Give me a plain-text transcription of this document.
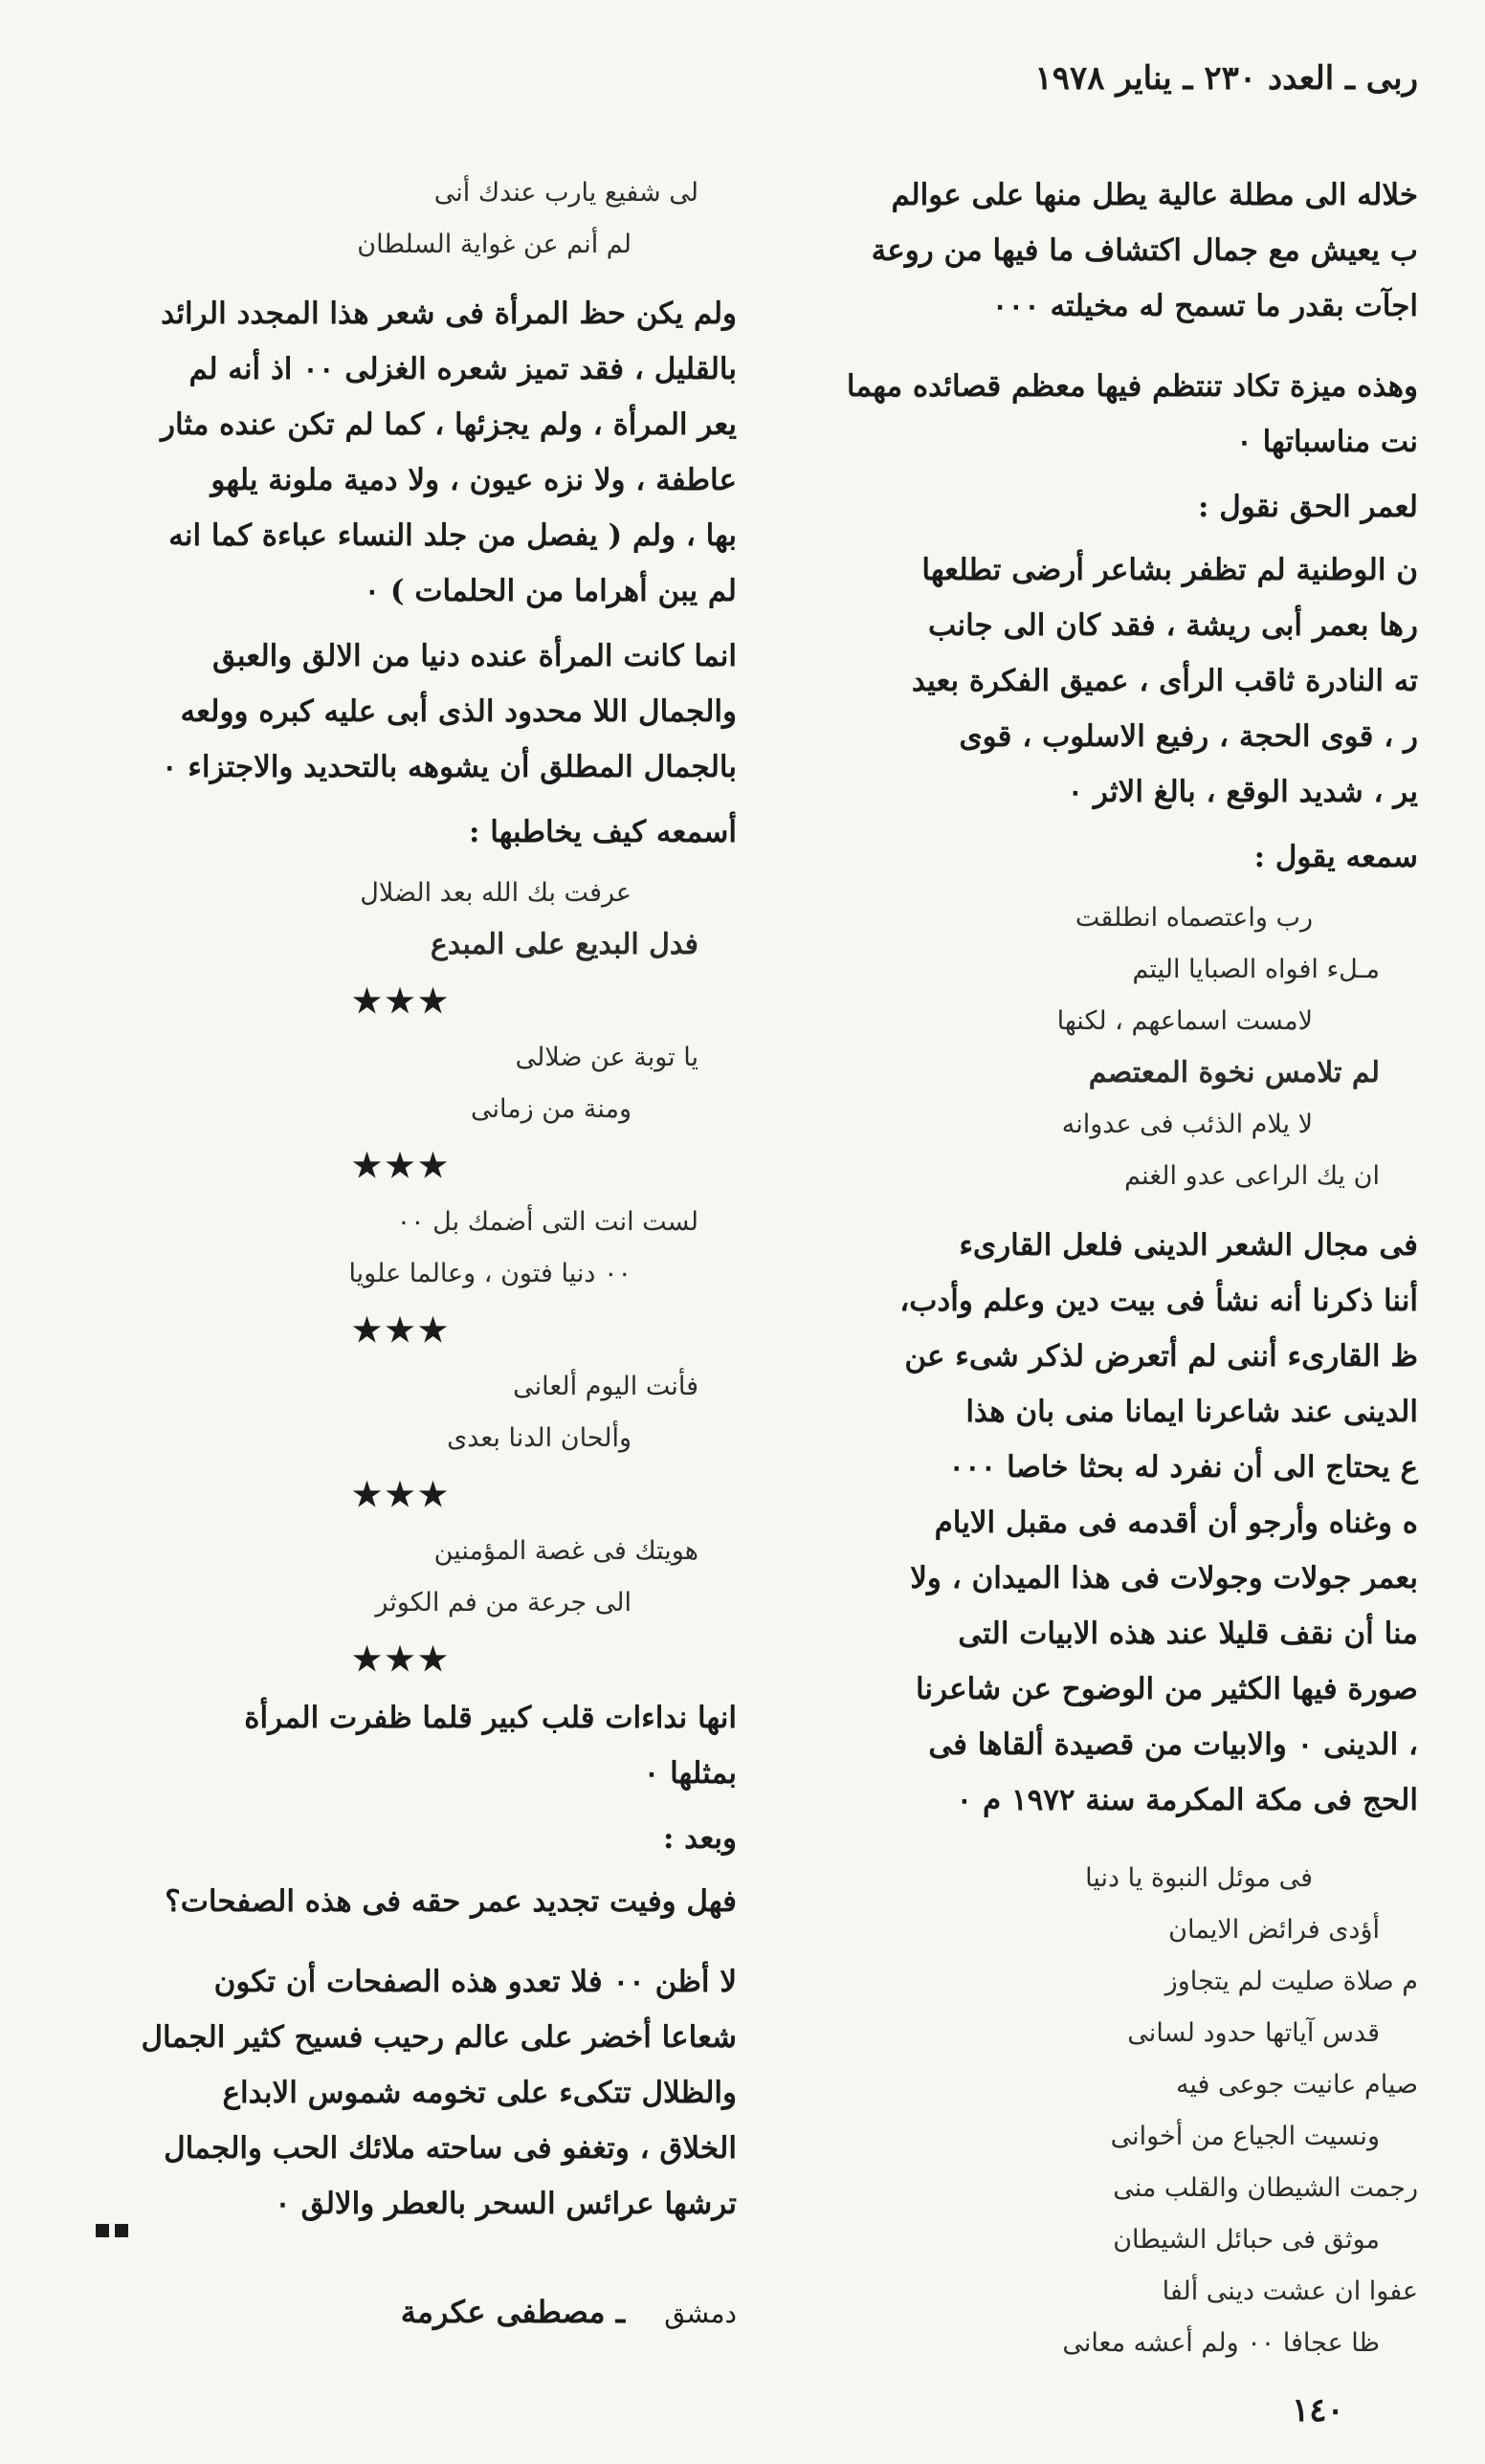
ربى ـ العدد ٢٣٠ ـ يناير ١٩٧٨
خلاله الى مطلة عالية يطل منها على عوالم
ب يعيش مع جمال اكتشاف ما فيها من روعة
اجآت بقدر ما تسمح له مخيلته ٠٠٠
وهذه ميزة تكاد تنتظم فيها معظم قصائده مهما
نت مناسباتها ٠
لعمر الحق نقول :
ن الوطنية لم تظفر بشاعر أرضى تطلعها
رها بعمر أبى ريشة ، فقد كان الى جانب
ته النادرة ثاقب الرأى ، عميق الفكرة بعيد
ر ، قوى الحجة ، رفيع الاسلوب ، قوى
ير ، شديد الوقع ، بالغ الاثر ٠
سمعه يقول :
رب واعتصماه انطلقت
مـلء افواه الصبايا اليتم
لامست اسماعهم ، لكنها
لم تلامس نخوة المعتصم
لا يلام الذئب فى عدوانه
ان يك الراعى عدو الغنم
فى مجال الشعر الدينى فلعل القارىء
أننا ذكرنا أنه نشأ فى بيت دين وعلم وأدب،
ظ القارىء أننى لم أتعرض لذكر شىء عن
الدينى عند شاعرنا ايمانا منى بان هذا
ع يحتاج الى أن نفرد له بحثا خاصا ٠٠٠
ه وغناه وأرجو أن أقدمه فى مقبل الايام
بعمر جولات وجولات فى هذا الميدان ، ولا
منا أن نقف قليلا عند هذه الابيات التى
صورة فيها الكثير من الوضوح عن شاعرنا
، الدينى ٠ والابيات من قصيدة ألقاها فى
الحج فى مكة المكرمة سنة ١٩٧٢ م ٠
فى موئل النبوة يا دنيا
أؤدى فرائض الايمان
م صلاة صليت لم يتجاوز
قدس آياتها حدود لسانى
صيام عانيت جوعى فيه
ونسيت الجياع من أخوانى
رجمت الشيطان والقلب منى
موثق فى حبائل الشيطان
عفوا ان عشت دينى ألفا
ظا عجافا ٠٠ ولم أعشه معانى
لى شفيع يارب عندك أنى
لم أنم عن غواية السلطان
ولم يكن حظ المرأة فى شعر هذا المجدد الرائد
بالقليل ، فقد تميز شعره الغزلى ٠٠ اذ أنه لم
يعر المرأة ، ولم يجزئها ، كما لم تكن عنده مثار
عاطفة ، ولا نزه عيون ، ولا دمية ملونة يلهو
بها ، ولم ( يفصل من جلد النساء عباءة كما انه
لم يبن أهراما من الحلمات ) ٠
انما كانت المرأة عنده دنيا من الالق والعبق
والجمال اللا محدود الذى أبى عليه كبره وولعه
بالجمال المطلق أن يشوهه بالتحديد والاجتزاء ٠
أسمعه كيف يخاطبها :
عرفت بك الله بعد الضلال
فدل البديع على المبدع
★★★
يا توبة عن ضلالى
ومنة من زمانى
★★★
لست انت التى أضمك بل ٠٠
٠٠ دنيا فتون ، وعالما علويا
★★★
فأنت اليوم ألعانى
وألحان الدنا بعدى
★★★
هويتك فى غصة المؤمنين
الى جرعة من فم الكوثر
★★★
انها نداءات قلب كبير قلما ظفرت المرأة
بمثلها ٠
وبعد :
فهل وفيت تجديد عمر حقه فى هذه الصفحات؟
لا أظن ٠٠ فلا تعدو هذه الصفحات أن تكون
شعاعا أخضر على عالم رحيب فسيح كثير الجمال
والظلال تتكىء على تخومه شموس الابداع
الخلاق ، وتغفو فى ساحته ملائك الحب والجمال
ترشها عرائس السحر بالعطر والالق ٠
دمشق ـ مصطفى عكرمة
١٤٠
